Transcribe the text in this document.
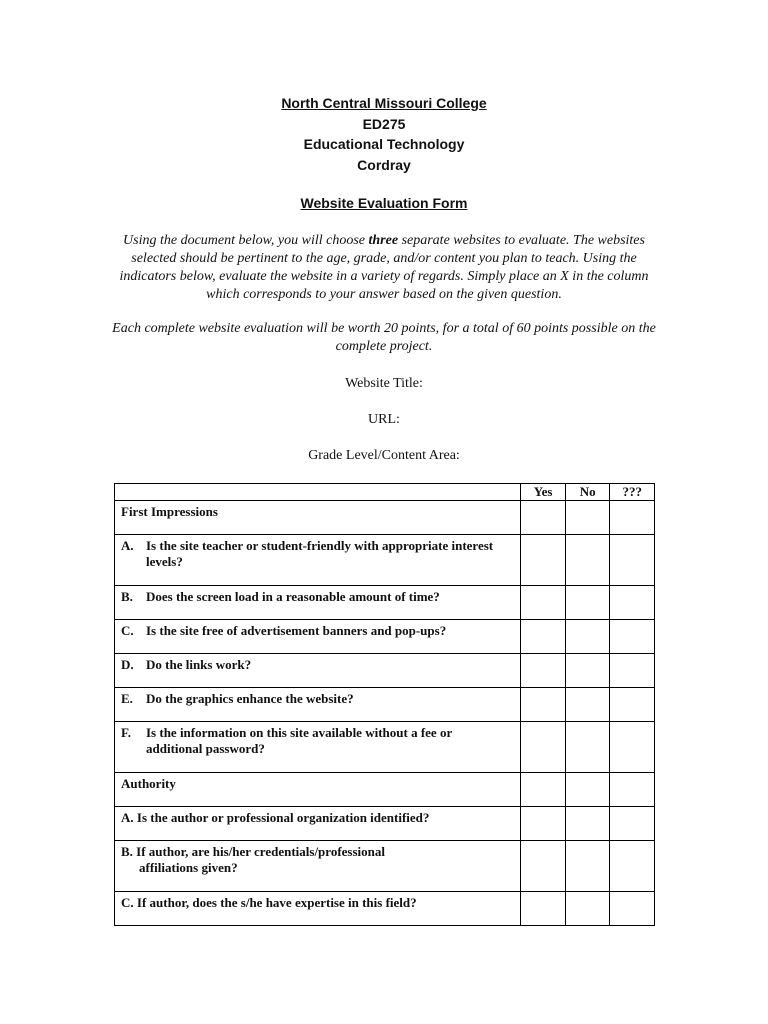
North Central Missouri College
ED275
Educational Technology
Cordray
Website Evaluation Form

Using the document below, you will choose three separate websites to evaluate. The websites selected should be pertinent to the age, grade, and/or content you plan to teach. Using the indicators below, evaluate the website in a variety of regards. Simply place an X in the column which corresponds to your answer based on the given question.

Each complete website evaluation will be worth 20 points, for a total of 60 points possible on the complete project.

Website Title:
URL:
Grade Level/Content Area:
	Yes	No	???
First Impressions			
A. Is the site teacher or student-friendly with appropriate interest
levels?			

B. Does the screen load in a reasonable amount of time?			
C. Is the site free of advertisement banners and pop-ups?			
D. Do the links work?			
E. Do the graphics enhance the website?			
F. Is the information on this site available without a fee or
additional password?			

Authority			
A. Is the author or professional organization identified?			
B. If author, are his/her credentials/professional
affiliations given?			

C. If author, does the s/he have expertise in this field?			
